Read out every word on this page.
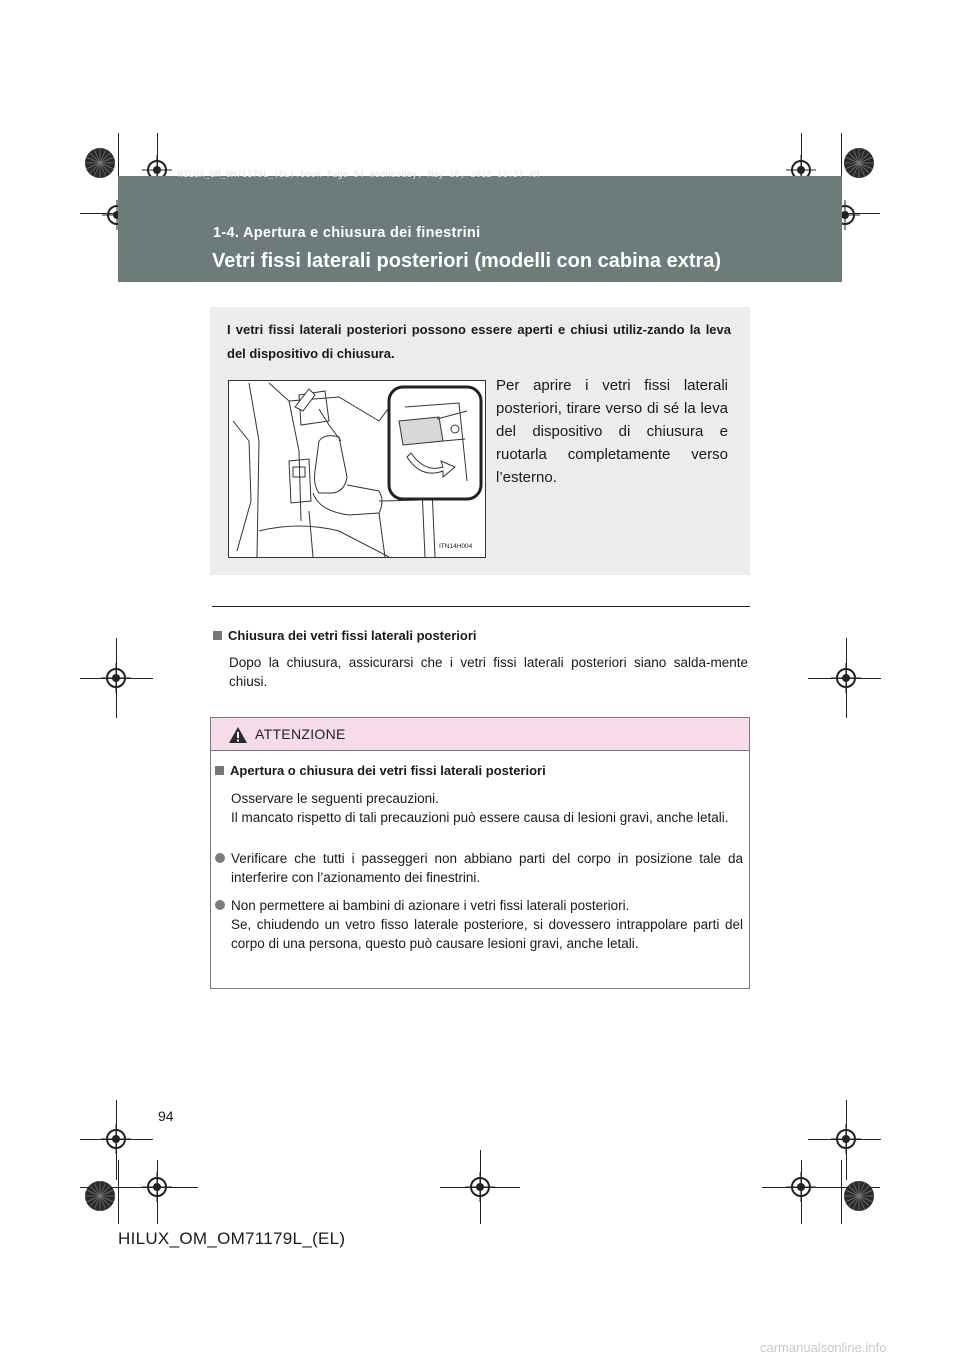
HILUX_OM_OM71179L_(EL).book Page 94 Wednesday, May 16, 2012 11:37 AM
1-4. Apertura e chiusura dei finestrini
Vetri fissi laterali posteriori (modelli con cabina extra)
I vetri fissi laterali posteriori possono essere aperti e chiusi utiliz-zando la leva del dispositivo di chiusura.
ITN14H004
Per aprire i vetri fissi laterali posteriori, tirare verso di sé la leva del dispositivo di chiusura e ruotarla completamente verso l’esterno.
Chiusura dei vetri fissi laterali posteriori
Dopo la chiusura, assicurarsi che i vetri fissi laterali posteriori siano salda-mente chiusi.
ATTENZIONE
Apertura o chiusura dei vetri fissi laterali posteriori
Osservare le seguenti precauzioni.
Il mancato rispetto di tali precauzioni può essere causa di lesioni gravi, anche letali.
Verificare che tutti i passeggeri non abbiano parti del corpo in posizione tale da interferire con l’azionamento dei finestrini.
Non permettere ai bambini di azionare i vetri fissi laterali posteriori.
Se, chiudendo un vetro fisso laterale posteriore, si dovessero intrappolare parti del corpo di una persona, questo può causare lesioni gravi, anche letali.
94
HILUX_OM_OM71179L_(EL)
carmanualsonline.info
